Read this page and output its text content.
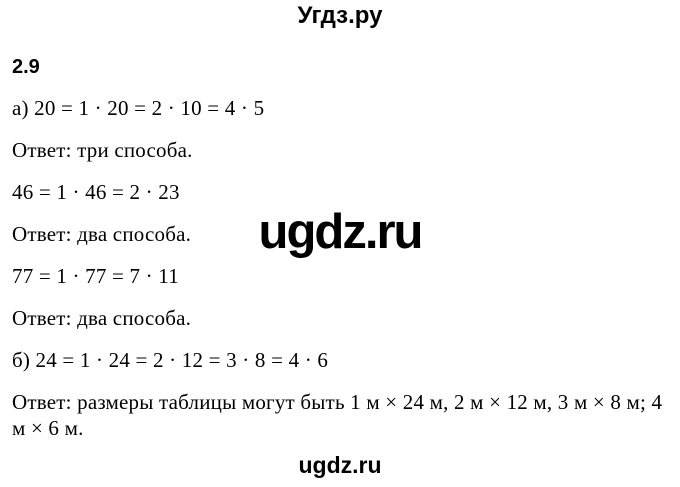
Угдз.ру
2.9

а) 20 = 1 · 20 = 2 · 10 = 4 · 5

Ответ: три способа.

46 = 1 · 46 = 2 · 23

Ответ: два способа.

77 = 1 · 77 = 7 · 11

Ответ: два способа.

б) 24 = 1 · 24 = 2 · 12 = 3 · 8 = 4 · 6

Ответ: размеры таблицы могут быть 1 м × 24 м, 2 м × 12 м, 3 м × 8 м; 4 м × 6 м.

ugdz.ru
ugdz.ru
